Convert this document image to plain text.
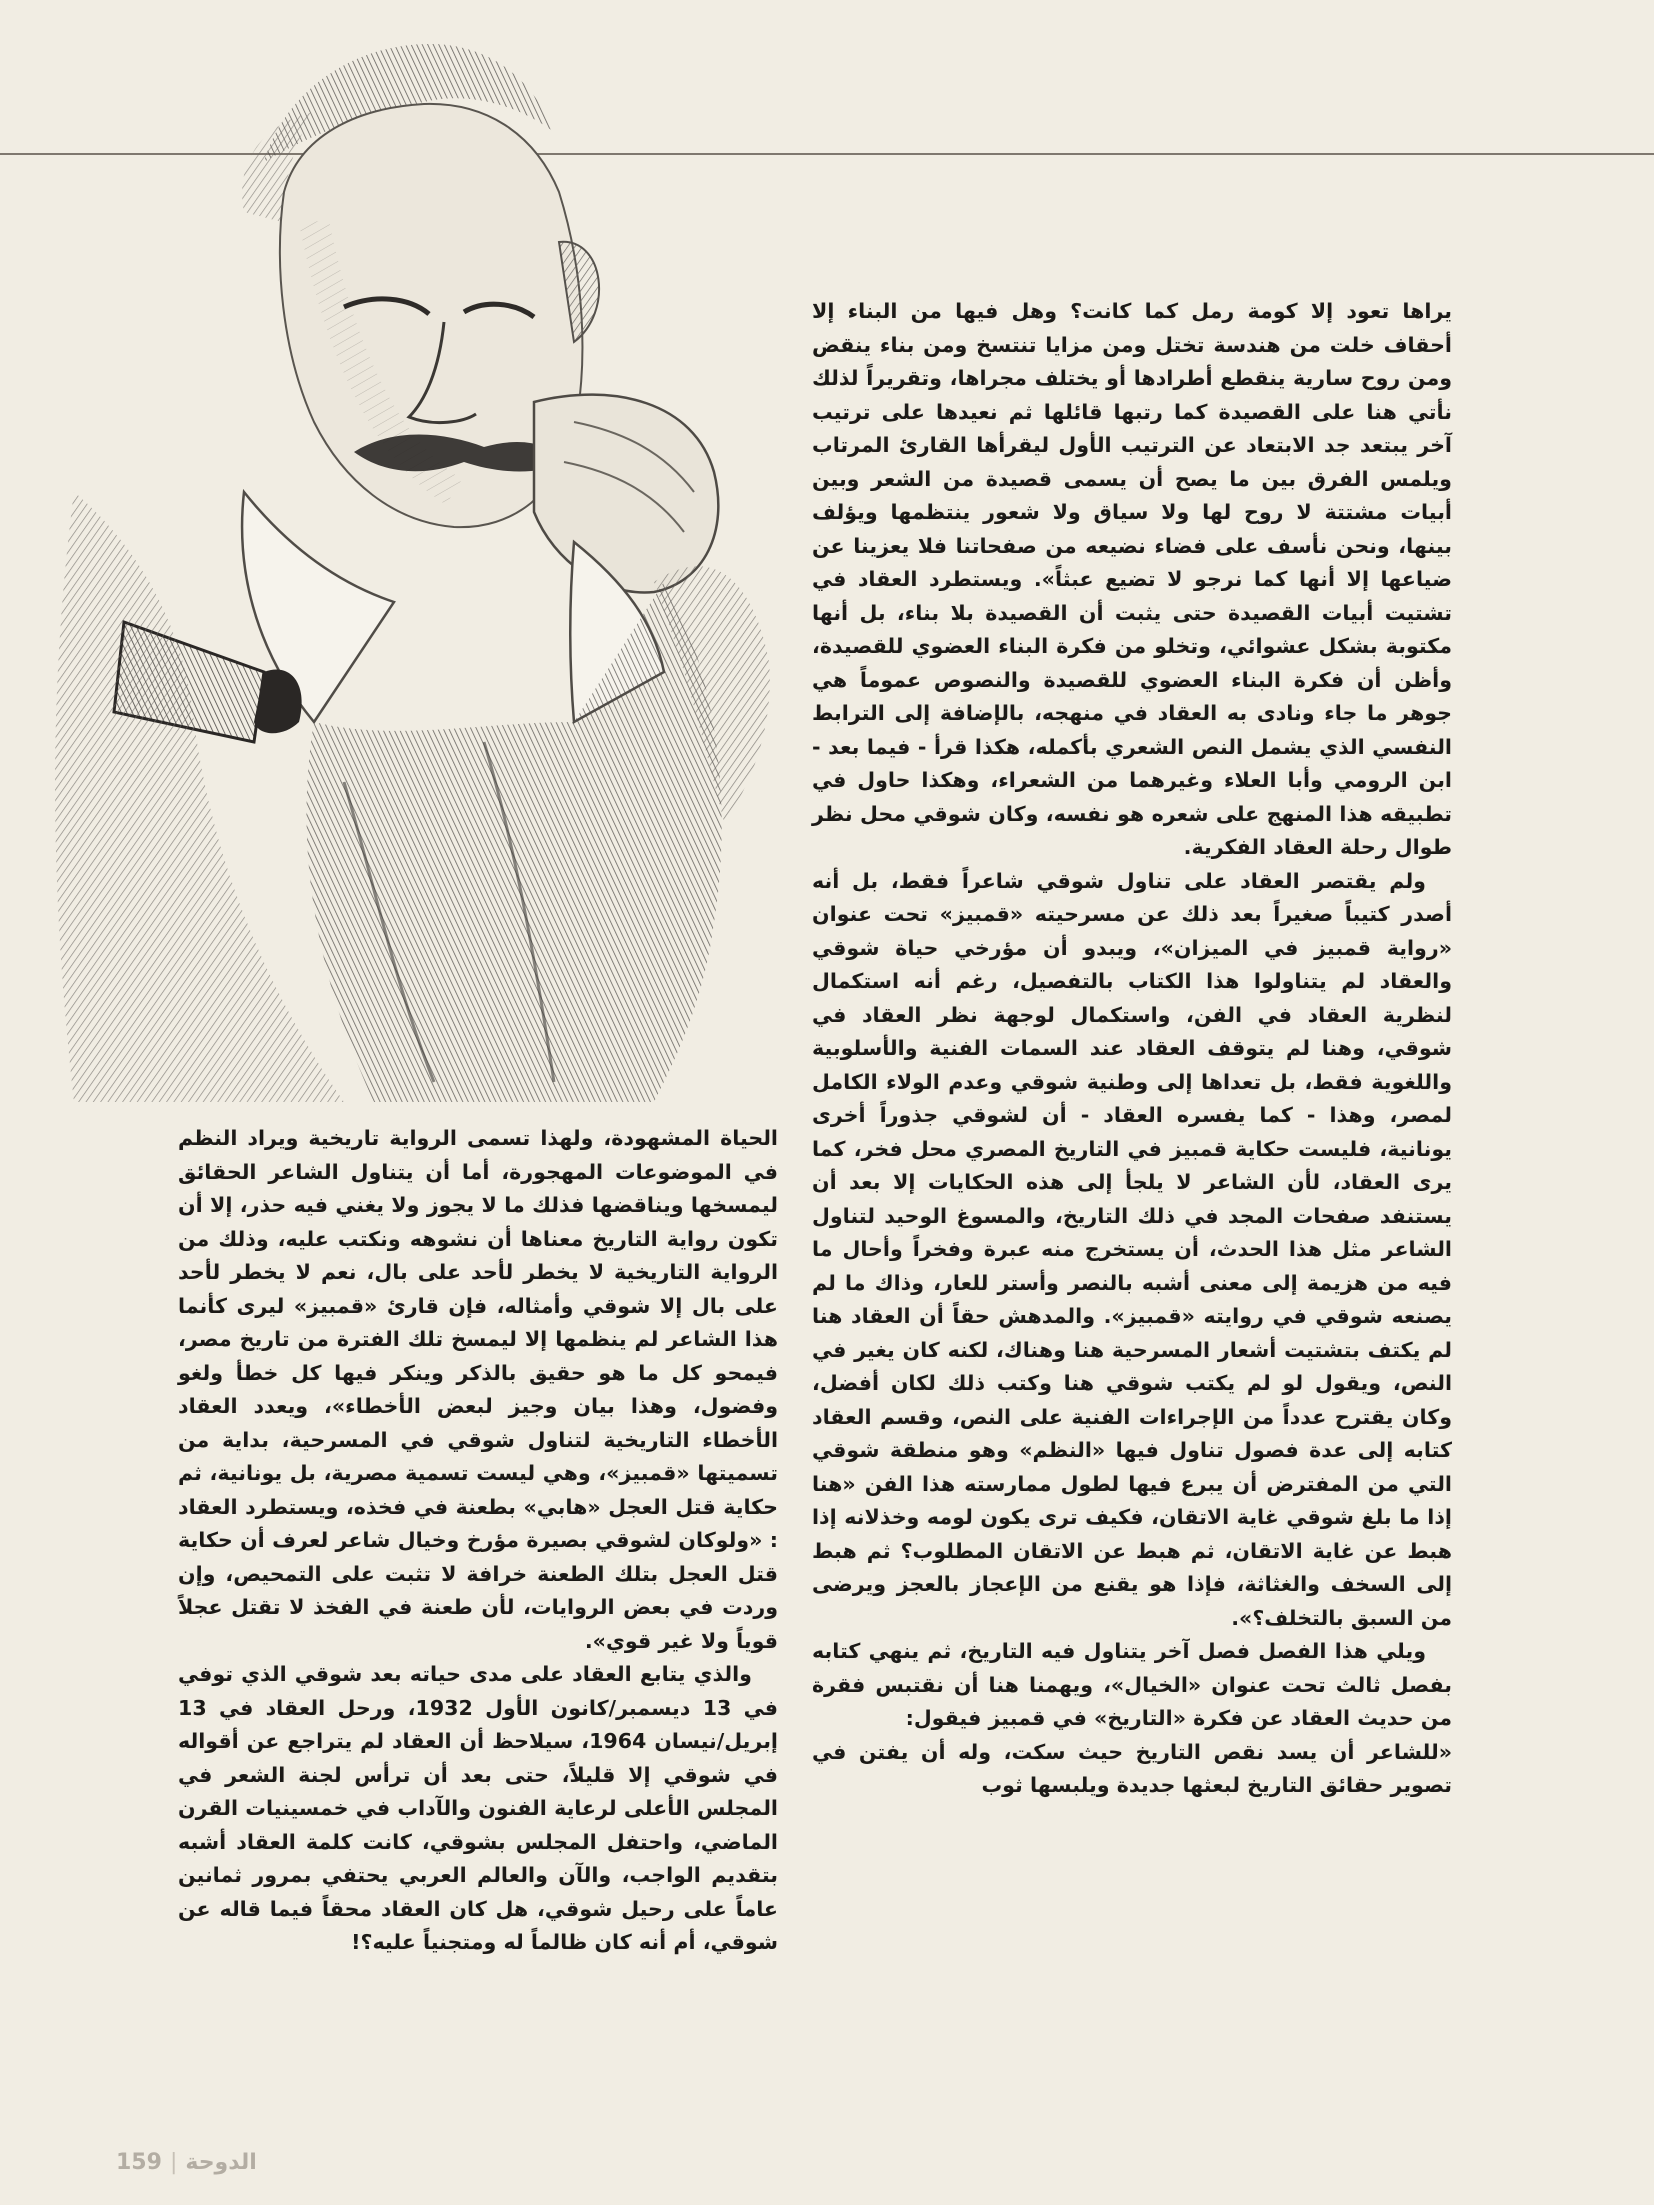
يراها تعود إلا كومة رمل كما كانت؟ وهل فيها من البناء إلا أحقاف خلت من هندسة تختل ومن مزايا تنتسخ ومن بناء ينقض ومن روح سارية ينقطع أطرادها أو يختلف مجراها، وتقريراً لذلك نأتي هنا على القصيدة كما رتبها قائلها ثم نعيدها على ترتيب آخر يبتعد جد الابتعاد عن الترتيب الأول ليقرأها القارئ المرتاب ويلمس الفرق بين ما يصح أن يسمى قصيدة من الشعر وبين أبيات مشتتة لا روح لها ولا سياق ولا شعور ينتظمها ويؤلف بينها، ونحن نأسف على فضاء نضيعه من صفحاتنا فلا يعزينا عن ضياعها إلا أنها كما نرجو لا تضيع عبثاً». ويستطرد العقاد في تشتيت أبيات القصيدة حتى يثبت أن القصيدة بلا بناء، بل أنها مكتوبة بشكل عشوائي، وتخلو من فكرة البناء العضوي للقصيدة، وأظن أن فكرة البناء العضوي للقصيدة والنصوص عموماً هي جوهر ما جاء ونادى به العقاد في منهجه، بالإضافة إلى الترابط النفسي الذي يشمل النص الشعري بأكمله، هكذا قرأ - فيما بعد - ابن الرومي وأبا العلاء وغيرهما من الشعراء، وهكذا حاول في تطبيقه هذا المنهج على شعره هو نفسه، وكان شوقي محل نظر طوال رحلة العقاد الفكرية.

ولم يقتصر العقاد على تناول شوقي شاعراً فقط، بل أنه أصدر كتيباً صغيراً بعد ذلك عن مسرحيته «قمبيز» تحت عنوان «رواية قمبيز في الميزان»، ويبدو أن مؤرخي حياة شوقي والعقاد لم يتناولوا هذا الكتاب بالتفصيل، رغم أنه استكمال لنظرية العقاد في الفن، واستكمال لوجهة نظر العقاد في شوقي، وهنا لم يتوقف العقاد عند السمات الفنية والأسلوبية واللغوية فقط، بل تعداها إلى وطنية شوقي وعدم الولاء الكامل لمصر، وهذا - كما يفسره العقاد - أن لشوقي جذوراً أخرى يونانية، فليست حكاية قمبيز في التاريخ المصري محل فخر، كما يرى العقاد، لأن الشاعر لا يلجأ إلى هذه الحكايات إلا بعد أن يستنفد صفحات المجد في ذلك التاريخ، والمسوغ الوحيد لتناول الشاعر مثل هذا الحدث، أن يستخرج منه عبرة وفخراً وأحال ما فيه من هزيمة إلى معنى أشبه بالنصر وأستر للعار، وذاك ما لم يصنعه شوقي في روايته «قمبيز». والمدهش حقاً أن العقاد هنا لم يكتف بتشتيت أشعار المسرحية هنا وهناك، لكنه كان يغير في النص، ويقول لو لم يكتب شوقي هنا وكتب ذلك لكان أفضل، وكان يقترح عدداً من الإجراءات الفنية على النص، وقسم العقاد كتابه إلى عدة فصول تناول فيها «النظم» وهو منطقة شوقي التي من المفترض أن يبرع فيها لطول ممارسته هذا الفن «هنا إذا ما بلغ شوقي غاية الاتقان، فكيف ترى يكون لومه وخذلانه إذا هبط عن غاية الاتقان، ثم هبط عن الاتقان المطلوب؟ ثم هبط إلى السخف والغثاثة، فإذا هو يقنع من الإعجاز بالعجز ويرضى من السبق بالتخلف؟».

ويلي هذا الفصل فصل آخر يتناول فيه التاريخ، ثم ينهي كتابه بفصل ثالث تحت عنوان «الخيال»، ويهمنا هنا أن نقتبس فقرة من حديث العقاد عن فكرة «التاريخ» في قمبيز فيقول:

«للشاعر أن يسد نقص التاريخ حيث سكت، وله أن يفتن في تصوير حقائق التاريخ لبعثها جديدة ويلبسها ثوب

الحياة المشهودة، ولهذا تسمى الرواية تاريخية ويراد النظم في الموضوعات المهجورة، أما أن يتناول الشاعر الحقائق ليمسخها ويناقضها فذلك ما لا يجوز ولا يغني فيه حذر، إلا أن تكون رواية التاريخ معناها أن نشوهه ونكتب عليه، وذلك من الرواية التاريخية لا يخطر لأحد على بال، نعم لا يخطر لأحد على بال إلا شوقي وأمثاله، فإن قارئ «قمبيز» ليرى كأنما هذا الشاعر لم ينظمها إلا ليمسخ تلك الفترة من تاريخ مصر، فيمحو كل ما هو حقيق بالذكر وينكر فيها كل خطأ ولغو وفضول، وهذا بيان وجيز لبعض الأخطاء»، ويعدد العقاد الأخطاء التاريخية لتناول شوقي في المسرحية، بداية من تسميتها «قمبيز»، وهي ليست تسمية مصرية، بل يونانية، ثم حكاية قتل العجل «هابي» بطعنة في فخذه، ويستطرد العقاد : «ولوكان لشوقي بصيرة مؤرخ وخيال شاعر لعرف أن حكاية قتل العجل بتلك الطعنة خرافة لا تثبت على التمحيص، وإن وردت في بعض الروايات، لأن طعنة في الفخذ لا تقتل عجلاً قوياً ولا غير قوي».

والذي يتابع العقاد على مدى حياته بعد شوقي الذي توفي في 13 ديسمبر/كانون الأول 1932، ورحل العقاد في 13 إبريل/نيسان 1964، سيلاحظ أن العقاد لم يتراجع عن أقواله في شوقي إلا قليلاً، حتى بعد أن ترأس لجنة الشعر في المجلس الأعلى لرعاية الفنون والآداب في خمسينيات القرن الماضي، واحتفل المجلس بشوقي، كانت كلمة العقاد أشبه بتقديم الواجب، والآن والعالم العربي يحتفي بمرور ثمانين عاماً على رحيل شوقي، هل كان العقاد محقاً فيما قاله عن شوقي، أم أنه كان ظالماً له ومتجنياً عليه؟!

159 | الدوحة
